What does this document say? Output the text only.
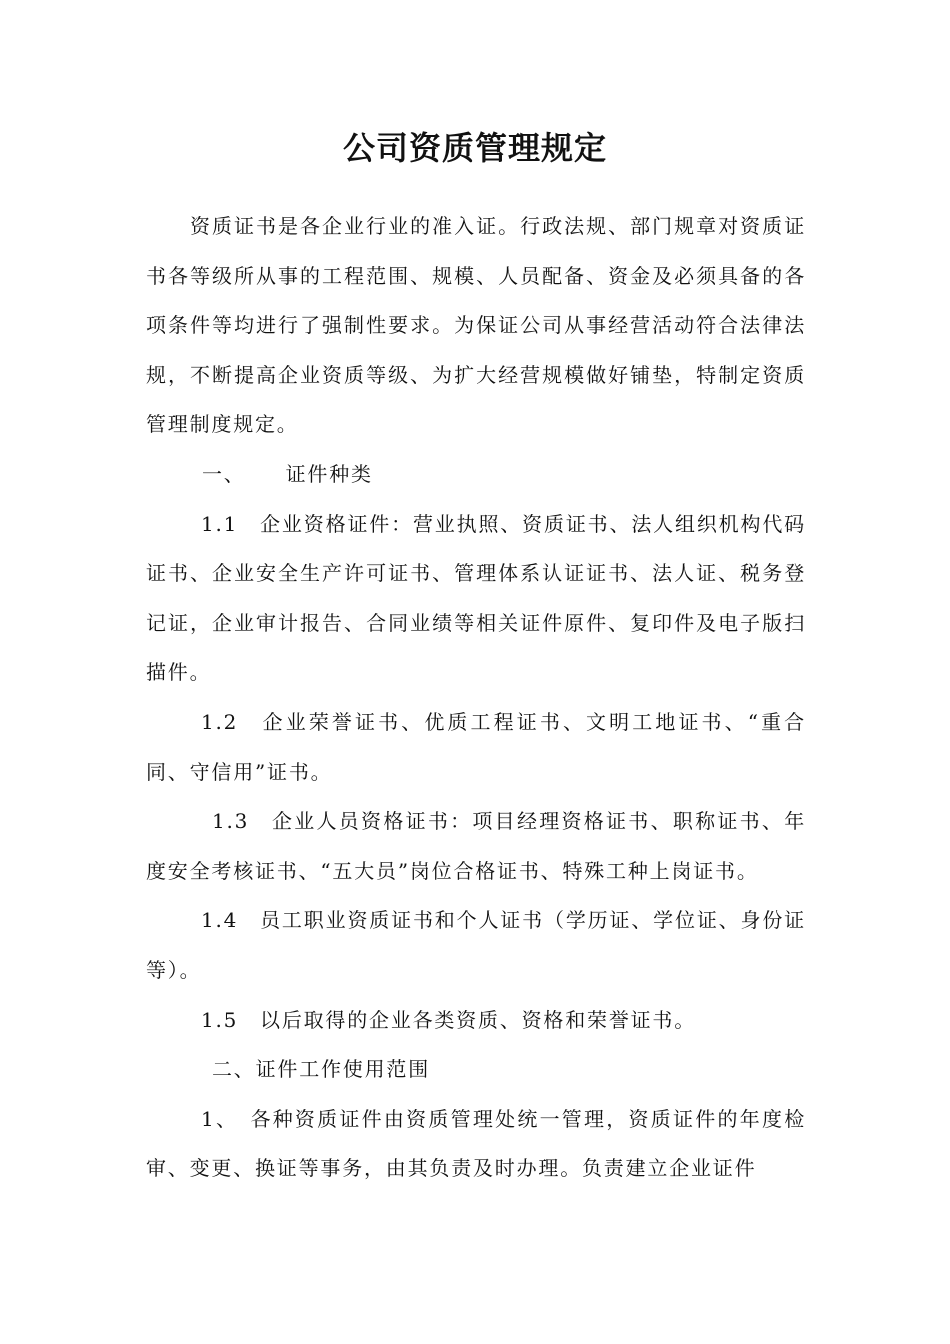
公司资质管理规定

资质证书是各企业行业的准入证。行政法规、部门规章对资质证书各等级所从事的工程范围、规模、人员配备、资金及必须具备的各项条件等均进行了强制性要求。为保证公司从事经营活动符合法律法规，不断提高企业资质等级、为扩大经营规模做好铺垫，特制定资质管理制度规定。

一、 证件种类

1.1　 企业资格证件：营业执照、资质证书、法人组织机构代码证书、企业安全生产许可证书、管理体系认证证书、法人证、税务登记证，企业审计报告、合同业绩等相关证件原件、复印件及电子版扫描件。

1.2　 企业荣誉证书、优质工程证书、文明工地证书、“重合同、守信用”证书。

1.3　 企业人员资格证书：项目经理资格证书、职称证书、年度安全考核证书、“五大员”岗位合格证书、特殊工种上岗证书。

1.4　 员工职业资质证书和个人证书（学历证、学位证、身份证等）。

1.5　 以后取得的企业各类资质、资格和荣誉证书。

二、证件工作使用范围

1、　 各种资质证件由资质管理处统一管理，资质证件的年度检审、变更、换证等事务，由其负责及时办理。负责建立企业证件
